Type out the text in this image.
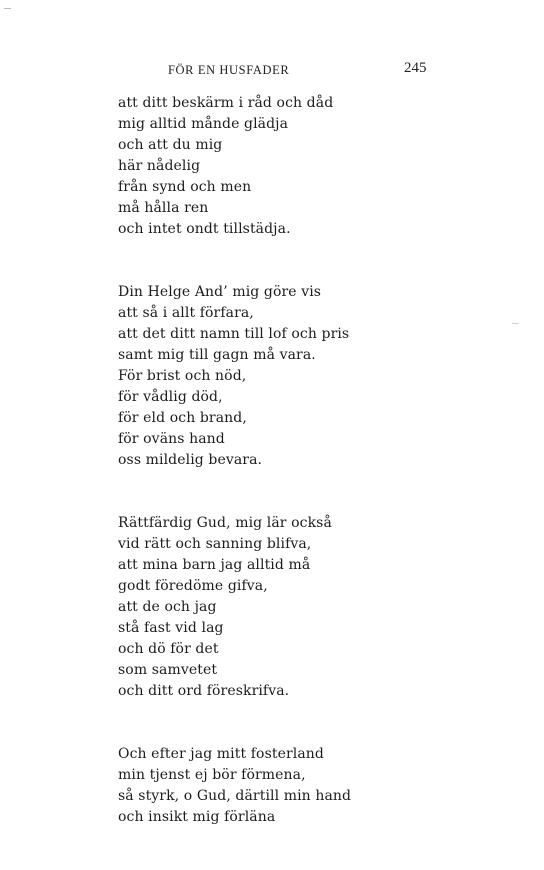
FÖR EN HUSFADER	245
att ditt beskärm i råd och dåd
mig alltid månde glädja
och att du mig
här nådelig
från synd och men
må hålla ren
och intet ondt tillstädja.
Din Helge And’ mig göre vis
att så i allt förfara,
att det ditt namn till lof och pris
samt mig till gagn må vara.
För brist och nöd,
för vådlig död,
för eld och brand,
för oväns hand
oss mildelig bevara.
Rättfärdig Gud, mig lär också
vid rätt och sanning blifva,
att mina barn jag alltid må
godt föredöme gifva,
att de och jag
stå fast vid lag
och dö för det
som samvetet
och ditt ord föreskrifva.
Och efter jag mitt fosterland
min tjenst ej bör förmena,
så styrk, o Gud, därtill min hand
och insikt mig förläna
